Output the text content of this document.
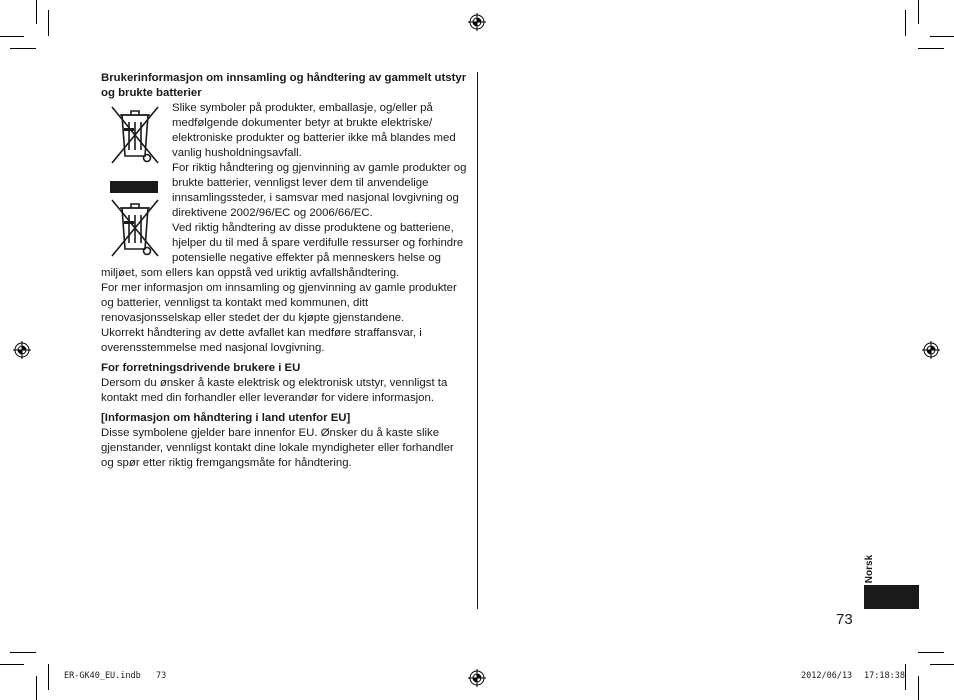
Brukerinformasjon om innsamling og håndtering av gammelt utstyr og brukte batterier

Slike symboler på produkter, emballasje, og/eller på medfølgende dokumenter betyr at brukte elektriske/ elektroniske produkter og batterier ikke må blandes med vanlig husholdningsavfall.

For riktig håndtering og gjenvinning av gamle produkter og brukte batterier, vennligst lever dem til anvendelige innsamlingssteder, i samsvar med nasjonal lovgivning og direktivene 2002/96/EC og 2006/66/EC.

Ved riktig håndtering av disse produktene og batteriene, hjelper du til med å spare verdifulle ressurser og forhindre potensielle negative effekter på menneskers helse og miljøet, som ellers kan oppstå ved uriktig avfallshåndtering.

For mer informasjon om innsamling og gjenvinning av gamle produkter og batterier, vennligst ta kontakt med kommunen, ditt renovasjonsselskap eller stedet der du kjøpte gjenstandene.

Ukorrekt håndtering av dette avfallet kan medføre straffansvar, i overensstemmelse med nasjonal lovgivning.

For forretningsdrivende brukere i EU

Dersom du ønsker å kaste elektrisk og elektronisk utstyr, vennligst ta kontakt med din forhandler eller leverandør for videre informasjon.

[Informasjon om håndtering i land utenfor EU]

Disse symbolene gjelder bare innenfor EU. Ønsker du å kaste slike gjenstander, vennligst kontakt dine lokale myndigheter eller forhandler og spør etter riktig fremgangsmåte for håndtering.

Norsk
73
ER-GK40_EU.indb 73	2012/06/13 17:18:38
